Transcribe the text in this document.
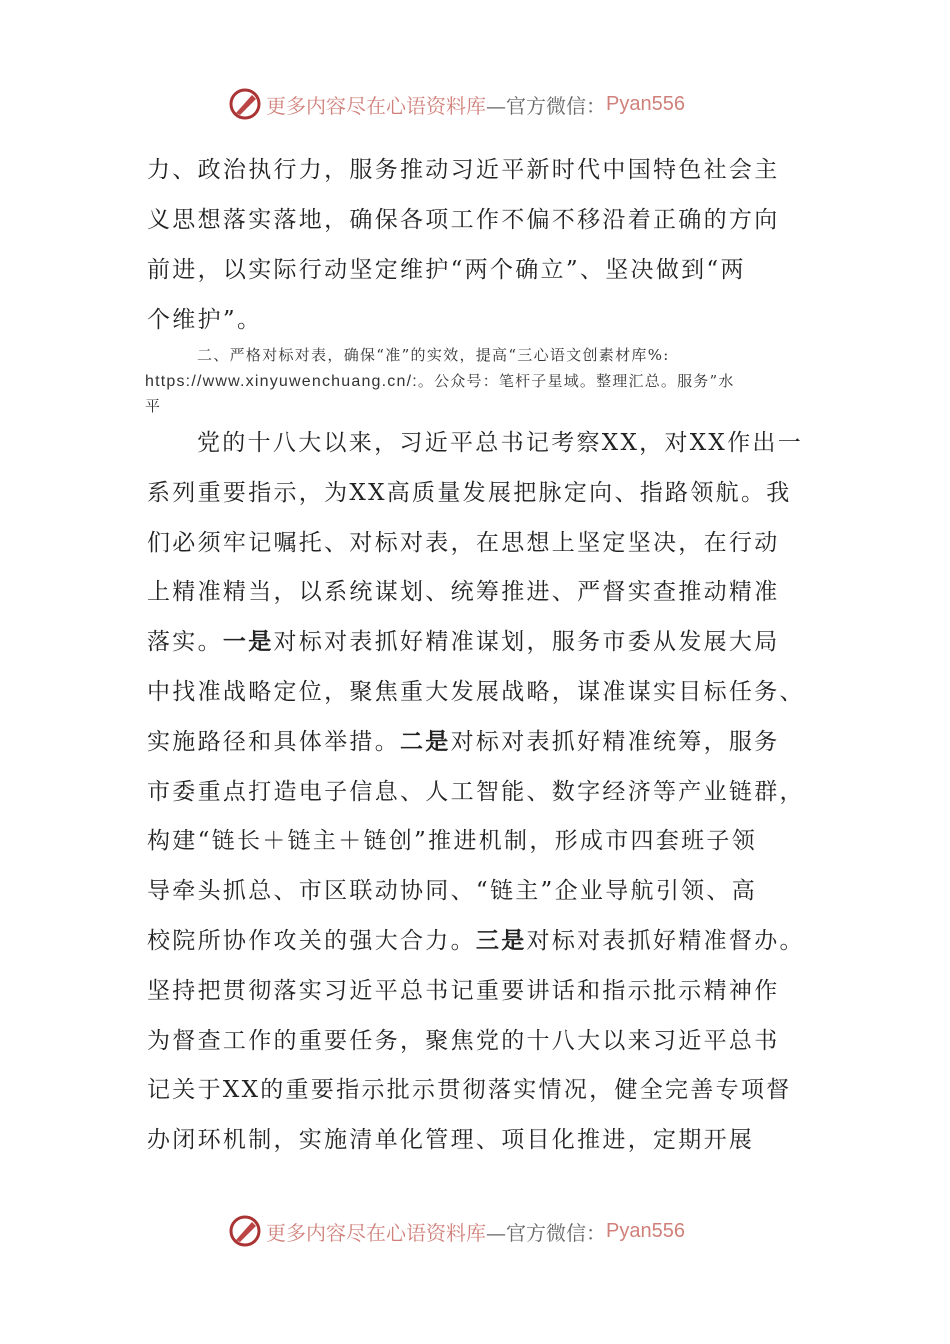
更多内容尽在心语资料库 —官方微信： Pyan556
力、政治执行力，服务推动习近平新时代中国特色社会主
义思想落实落地，确保各项工作不偏不移沿着正确的方向
前进，以实际行动坚定维护“两个确立”、坚决做到“两
个维护”。
二、严格对标对表，确保“准”的实效，提高“三心语文创素材库%:
https://www.xinyuwenchuang.cn/:。公众号：笔杆子星域。整理汇总。服务”水
平
党的十八大以来，习近平总书记考察XX，对XX作出一
系列重要指示，为XX高质量发展把脉定向、指路领航。我
们必须牢记嘱托、对标对表，在思想上坚定坚决，在行动
上精准精当，以系统谋划、统筹推进、严督实查推动精准
落实。一是对标对表抓好精准谋划，服务市委从发展大局
中找准战略定位，聚焦重大发展战略，谋准谋实目标任务、
实施路径和具体举措。二是对标对表抓好精准统筹，服务
市委重点打造电子信息、人工智能、数字经济等产业链群，
构建“链长＋链主＋链创”推进机制，形成市四套班子领
导牵头抓总、市区联动协同、“链主”企业导航引领、高
校院所协作攻关的强大合力。三是对标对表抓好精准督办。
坚持把贯彻落实习近平总书记重要讲话和指示批示精神作
为督查工作的重要任务，聚焦党的十八大以来习近平总书
记关于XX的重要指示批示贯彻落实情况，健全完善专项督
办闭环机制，实施清单化管理、项目化推进，定期开展
更多内容尽在心语资料库 —官方微信： Pyan556
